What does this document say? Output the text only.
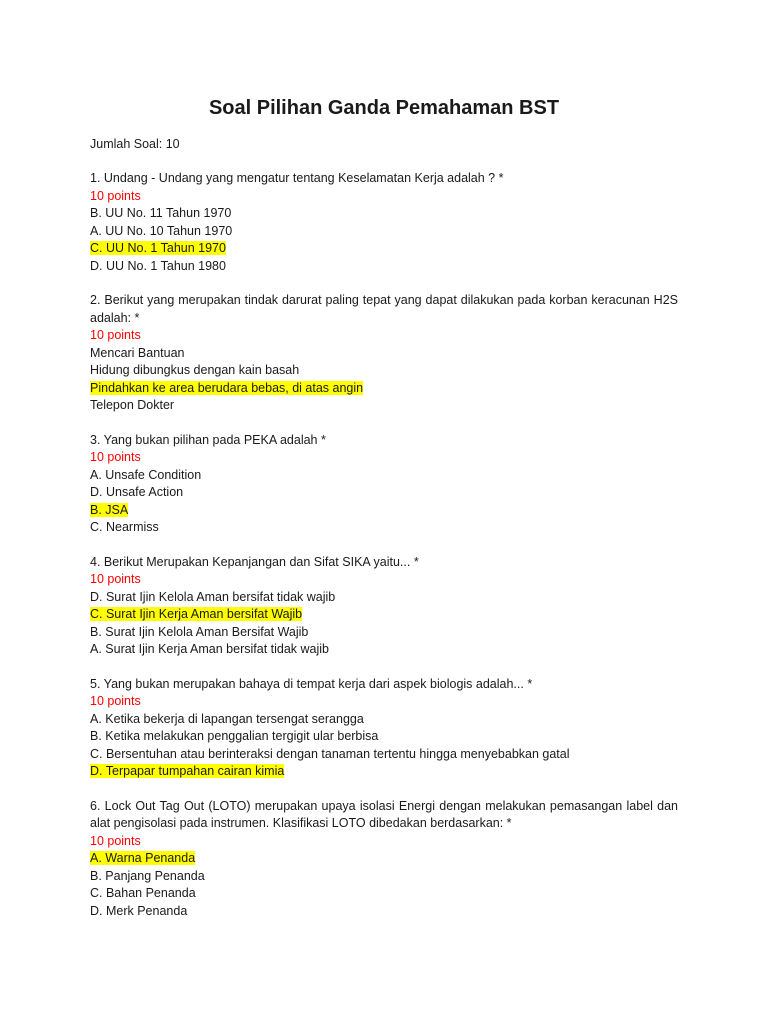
Soal Pilihan Ganda Pemahaman BST
Jumlah Soal: 10
1. Undang - Undang yang mengatur tentang Keselamatan Kerja adalah ? *
10 points
B. UU No. 11 Tahun 1970
A. UU No. 10 Tahun 1970
C. UU No. 1 Tahun 1970
D. UU No. 1 Tahun 1980
2. Berikut yang merupakan tindak darurat paling tepat yang dapat dilakukan pada korban keracunan H2S adalah: *
10 points
Mencari Bantuan
Hidung dibungkus dengan kain basah
Pindahkan ke area berudara bebas, di atas angin
Telepon Dokter
3. Yang bukan pilihan pada PEKA adalah *
10 points
A. Unsafe Condition
D. Unsafe Action
B. JSA
C. Nearmiss
4. Berikut Merupakan Kepanjangan dan Sifat SIKA yaitu... *
10 points
D. Surat Ijin Kelola Aman bersifat tidak wajib
C. Surat Ijin Kerja Aman bersifat Wajib
B. Surat Ijin Kelola Aman Bersifat Wajib
A. Surat Ijin Kerja Aman bersifat tidak wajib
5. Yang bukan merupakan bahaya di tempat kerja dari aspek biologis adalah... *
10 points
A. Ketika bekerja di lapangan tersengat serangga
B. Ketika melakukan penggalian tergigit ular berbisa
C. Bersentuhan atau berinteraksi dengan tanaman tertentu hingga menyebabkan gatal
D. Terpapar tumpahan cairan kimia
6. Lock Out Tag Out (LOTO) merupakan upaya isolasi Energi dengan melakukan pemasangan label dan alat pengisolasi pada instrumen. Klasifikasi LOTO dibedakan berdasarkan: *
10 points
A. Warna Penanda
B. Panjang Penanda
C. Bahan Penanda
D. Merk Penanda
